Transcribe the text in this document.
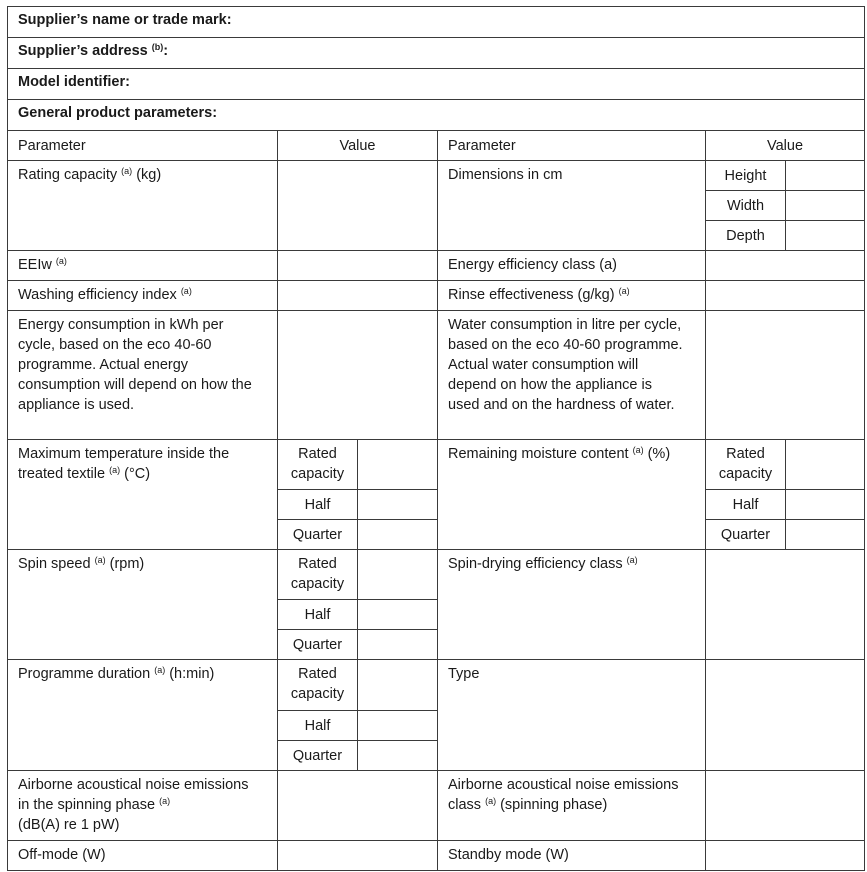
Supplier’s name or trade mark:					
Supplier’s address $^{(b)}$:					
Model identifier:					
General product parameters:					
Parameter	Value		Parameter	Value	
Rating capacity $^{(a)}$ (kg)			Dimensions in cm	Height	
				Width	
				Depth	
EEIw $^{(a)}$			Energy efficiency class (a)		
Washing efficiency index $^{(a)}$			Rinse effectiveness (g/kg) $^{(a)}$	
Energy consumption in kWh per cycle, based on the eco 40-60 programme. Actual energy consumption will depend on how the appliance is used.			Water consumption in litre per cycle, based on the eco 40-60 programme. Actual water consumption will depend on how the appliance is used and on the hardness of water.		
Maximum temperature inside the treated textile $^{(a)}$ (°C)	Rated capacity		Remaining moisture content $^{(a)}$ (%)	Rated capacity	
	Half			Half	
	Quarter			Quarter	
Spin speed $^{(a)}$ (rpm)	Rated capacity		Spin-drying efficiency class $^{(a)}$	
	Half				
	Quarter				
Programme duration $^{(a)}$ (h:min)	Rated capacity		Type		
	Half				
	Quarter				
Airborne acoustical noise emissions in the spinning phase $^{(a)}$
(dB(A) re 1 pW)			Airborne acoustical noise emissions class $^{(a)}$ (spinning phase)		
Off-mode (W)			Standby mode (W)		
